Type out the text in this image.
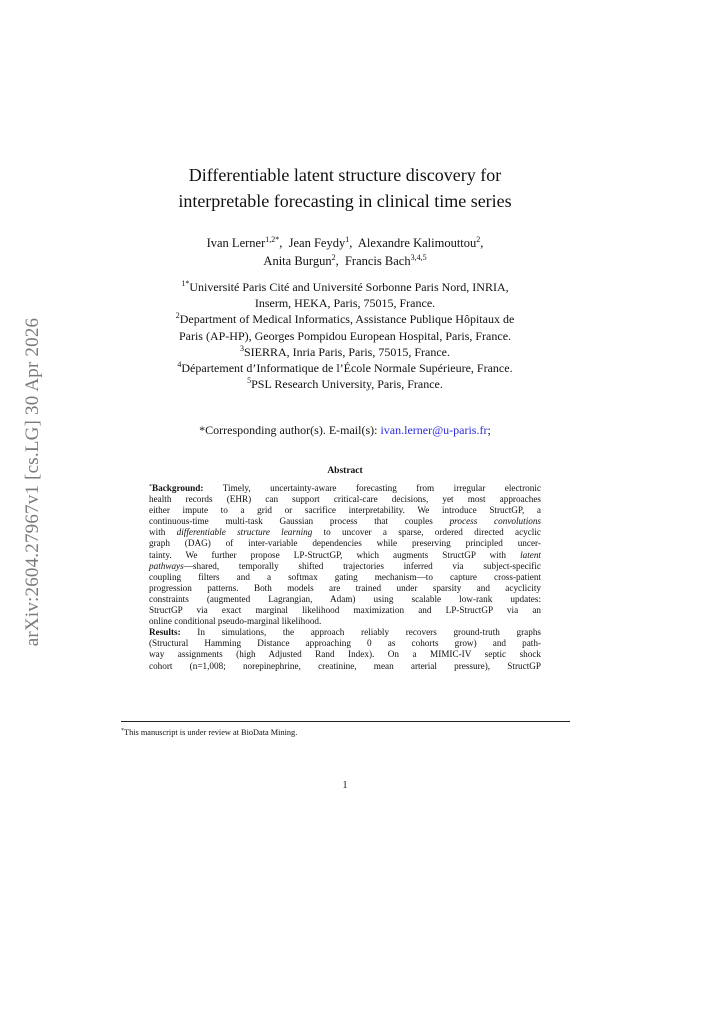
arXiv:2604.27967v1 [cs.LG] 30 Apr 2026
Differentiable latent structure discovery for
interpretable forecasting in clinical time series
Ivan Lerner$^{1,2*}$,  Jean Feydy$^1$,  Alexandre Kalimouttou$^2$,
Anita Burgun$^2$,  Francis Bach$^{3,4,5}$
$^{1*}$Université Paris Cité and Université Sorbonne Paris Nord, INRIA,
Inserm, HEKA, Paris, 75015, France.
$^2$Department of Medical Informatics, Assistance Publique Hôpitaux de
Paris (AP-HP), Georges Pompidou European Hospital, Paris, France.
$^3$SIERRA, Inria Paris, Paris, 75015, France.
$^4$Département d’Informatique de l’École Normale Supérieure, France.
$^5$PSL Research University, Paris, France.
*Corresponding author(s). E-mail(s): ivan.lerner@u-paris.fr;
Abstract
*Background: Timely, uncertainty-aware forecasting from irregular electronic
health records (EHR) can support critical-care decisions, yet most approaches
either impute to a grid or sacrifice interpretability. We introduce StructGP, a
continuous-time multi-task Gaussian process that couples process convolutions
with differentiable structure learning to uncover a sparse, ordered directed acyclic
graph (DAG) of inter-variable dependencies while preserving principled uncer-
tainty. We further propose LP-StructGP, which augments StructGP with latent
pathways—shared, temporally shifted trajectories inferred via subject-specific
coupling filters and a softmax gating mechanism—to capture cross-patient
progression patterns. Both models are trained under sparsity and acyclicity
constraints (augmented Lagrangian, Adam) using scalable low-rank updates:
StructGP via exact marginal likelihood maximization and LP-StructGP via an
online conditional pseudo-marginal likelihood.
Results: In simulations, the approach reliably recovers ground-truth graphs
(Structural Hamming Distance approaching 0 as cohorts grow) and path-
way assignments (high Adjusted Rand Index). On a MIMIC-IV septic shock
cohort (n=1,008; norepinephrine, creatinine, mean arterial pressure), StructGP
*This manuscript is under review at BioData Mining.
1
